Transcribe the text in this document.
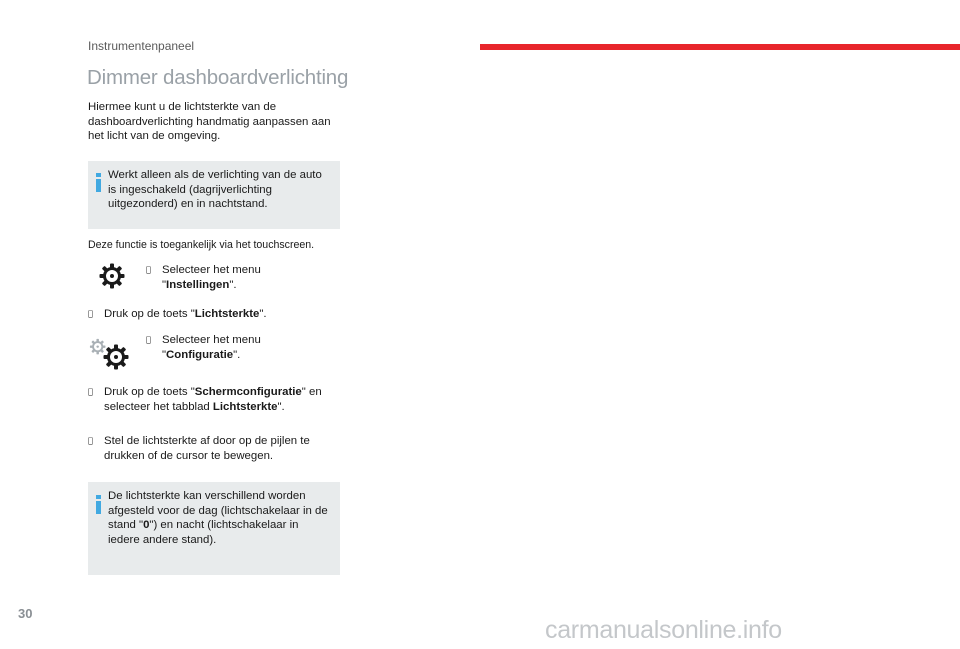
Instrumentenpaneel
Dimmer dashboardverlichting
Hiermee kunt u de lichtsterkte van de dashboardverlichting handmatig aanpassen aan het licht van de omgeving.
Werkt alleen als de verlichting van de auto is ingeschakeld (dagrijverlichting uitgezonderd) en in nachtstand.
Deze functie is toegankelijk via het touchscreen.
Selecteer het menu
"Instellingen".
Druk op de toets "Lichtsterkte".
Selecteer het menu
"Configuratie".
Druk op de toets "Schermconfiguratie" en
selecteer het tabblad Lichtsterkte".
Stel de lichtsterkte af door op de pijlen te
drukken of de cursor te bewegen.
De lichtsterkte kan verschillend worden afgesteld voor de dag (lichtschakelaar in de stand "0") en nacht (lichtschakelaar in iedere andere stand).
30
carmanualsonline.info
